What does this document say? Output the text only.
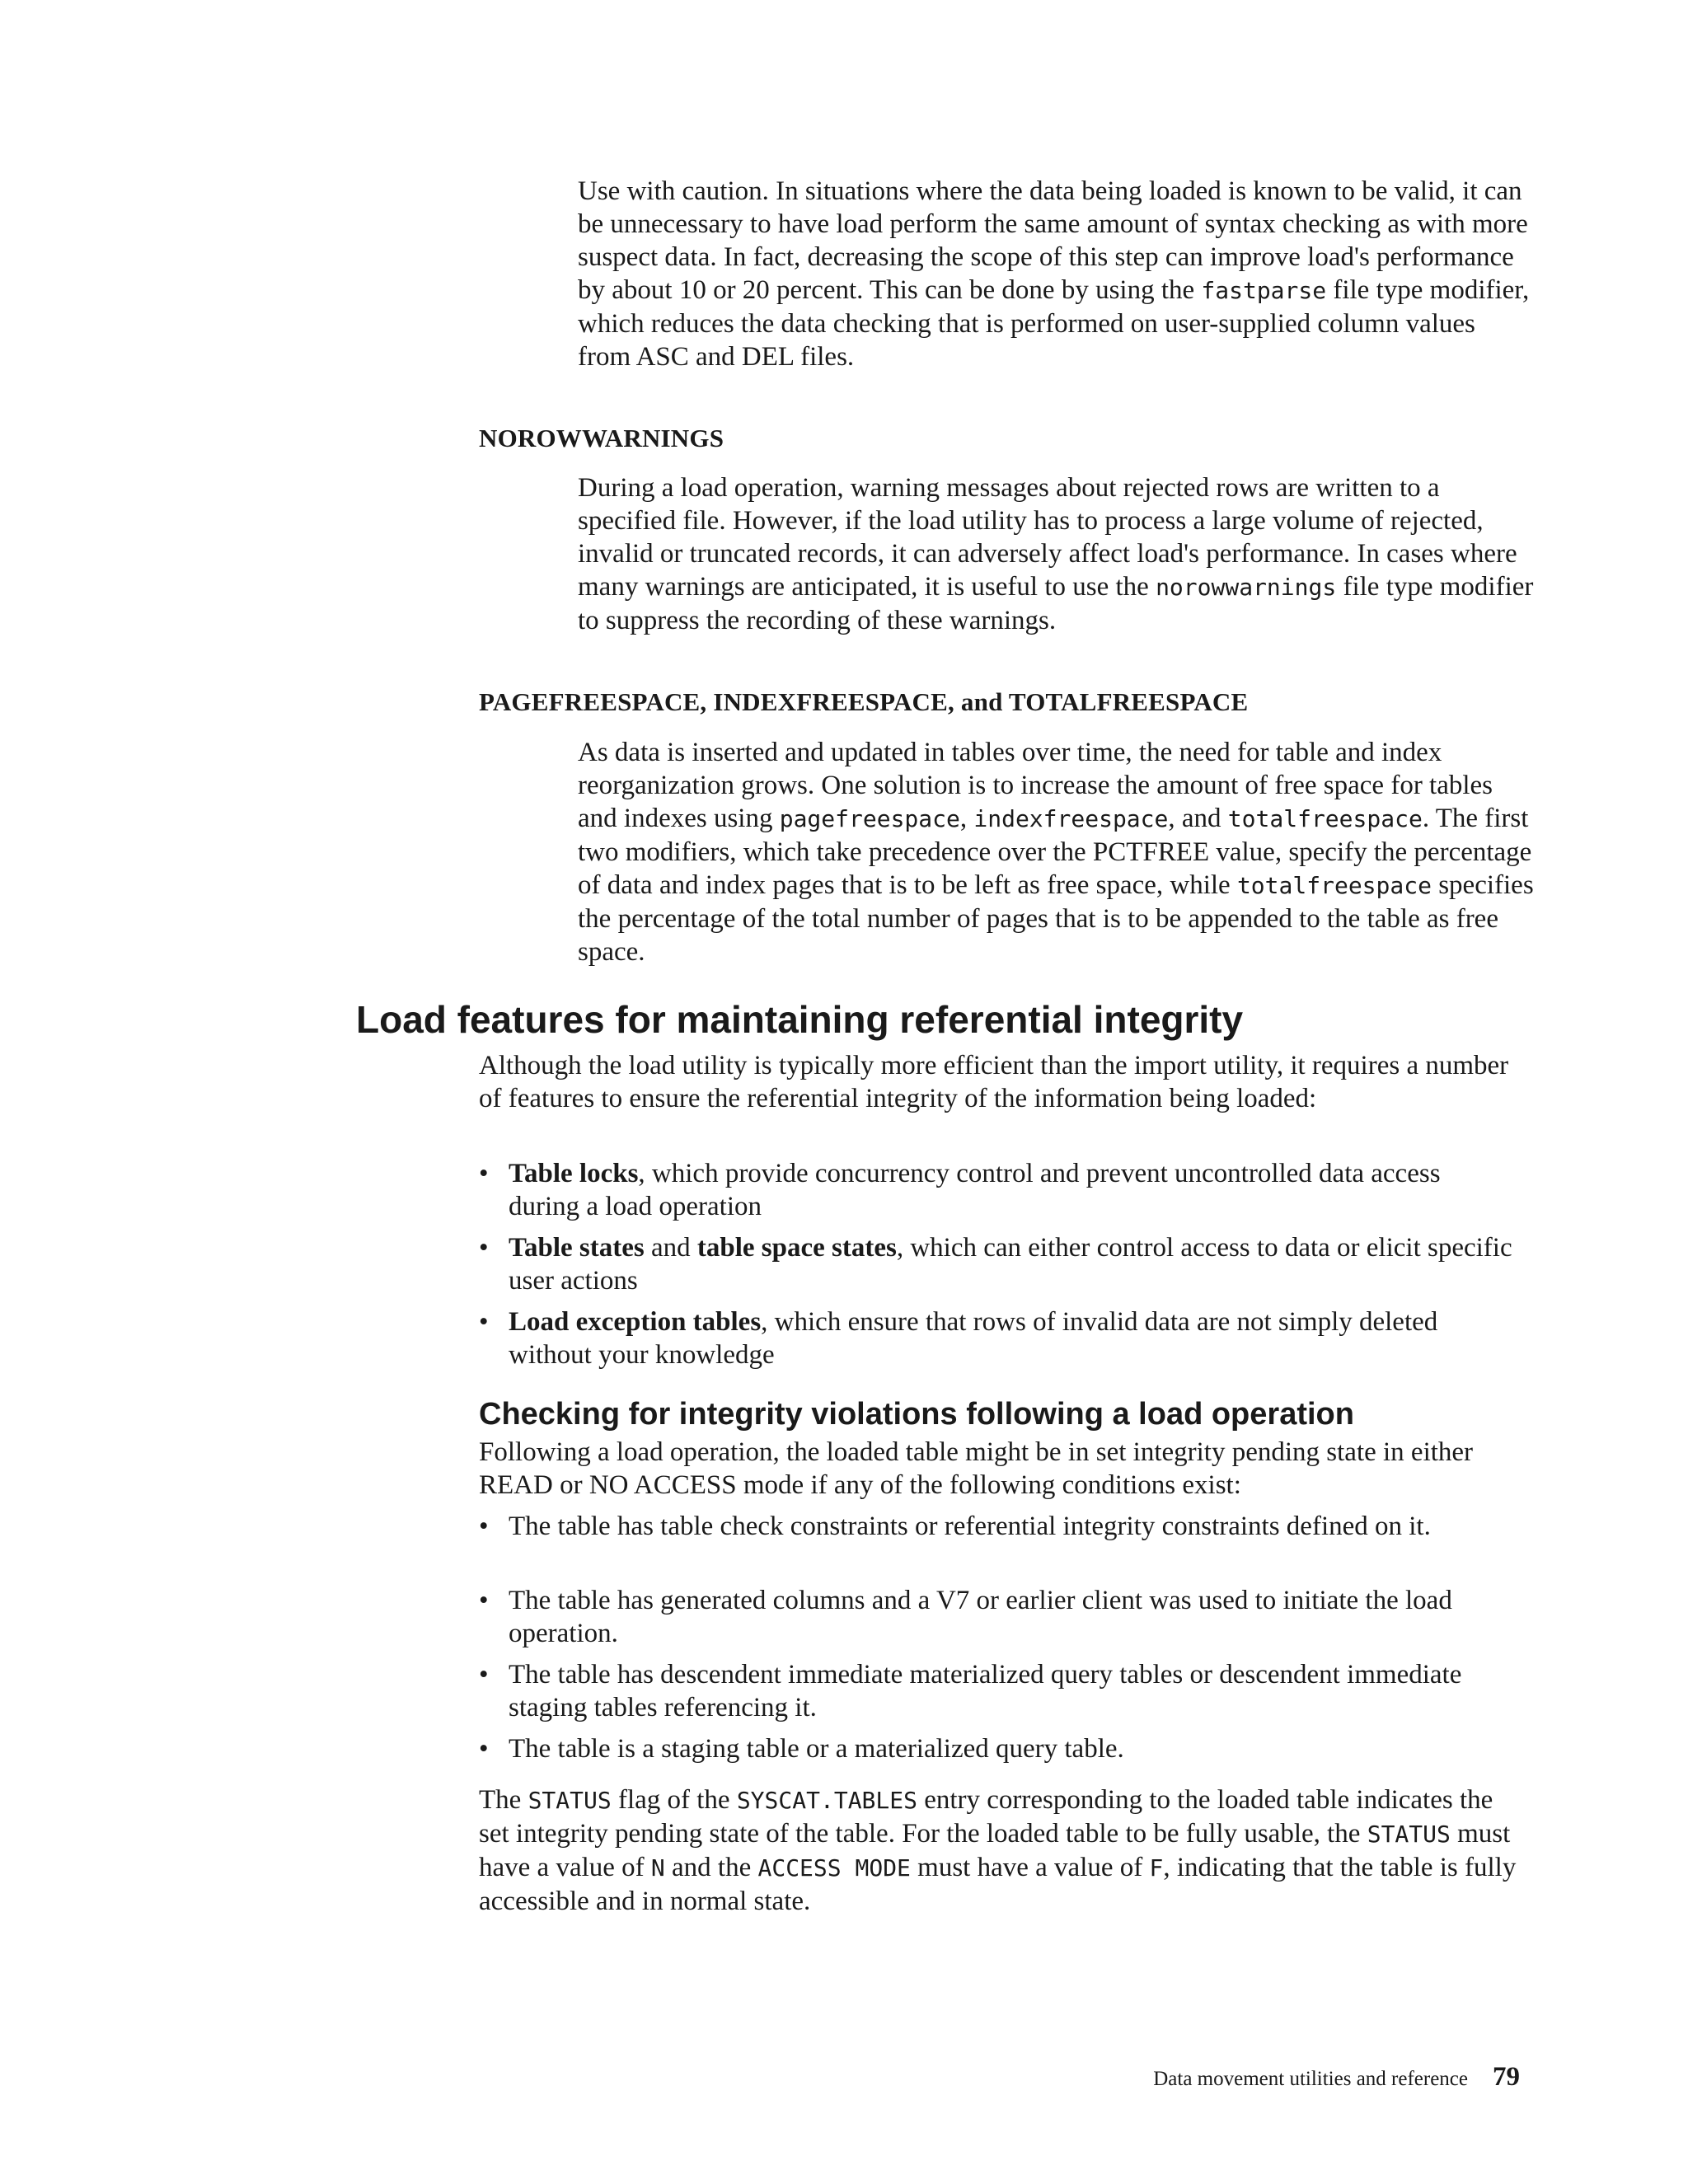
Use with caution. In situations where the data being loaded is known to be valid, it can be unnecessary to have load perform the same amount of syntax checking as with more suspect data. In fact, decreasing the scope of this step can improve load's performance by about 10 or 20 percent. This can be done by using the fastparse file type modifier, which reduces the data checking that is performed on user-supplied column values from ASC and DEL files.

NOROWWARNINGS

During a load operation, warning messages about rejected rows are written to a specified file. However, if the load utility has to process a large volume of rejected, invalid or truncated records, it can adversely affect load's performance. In cases where many warnings are anticipated, it is useful to use the norowwarnings file type modifier to suppress the recording of these warnings.

PAGEFREESPACE, INDEXFREESPACE, and TOTALFREESPACE

As data is inserted and updated in tables over time, the need for table and index reorganization grows. One solution is to increase the amount of free space for tables and indexes using pagefreespace, indexfreespace, and totalfreespace. The first two modifiers, which take precedence over the PCTFREE value, specify the percentage of data and index pages that is to be left as free space, while totalfreespace specifies the percentage of the total number of pages that is to be appended to the table as free space.

Load features for maintaining referential integrity

Although the load utility is typically more efficient than the import utility, it requires a number of features to ensure the referential integrity of the information being loaded:

• Table locks, which provide concurrency control and prevent uncontrolled data access during a load operation
• Table states and table space states, which can either control access to data or elicit specific user actions
• Load exception tables, which ensure that rows of invalid data are not simply deleted without your knowledge
Checking for integrity violations following a load operation

Following a load operation, the loaded table might be in set integrity pending state in either READ or NO ACCESS mode if any of the following conditions exist:

• The table has table check constraints or referential integrity constraints defined on it.
• The table has generated columns and a V7 or earlier client was used to initiate the load operation.
• The table has descendent immediate materialized query tables or descendent immediate staging tables referencing it.
• The table is a staging table or a materialized query table.

The STATUS flag of the SYSCAT.TABLES entry corresponding to the loaded table indicates the set integrity pending state of the table. For the loaded table to be fully usable, the STATUS must have a value of N and the ACCESS MODE must have a value of F, indicating that the table is fully accessible and in normal state.

Data movement utilities and reference 79
